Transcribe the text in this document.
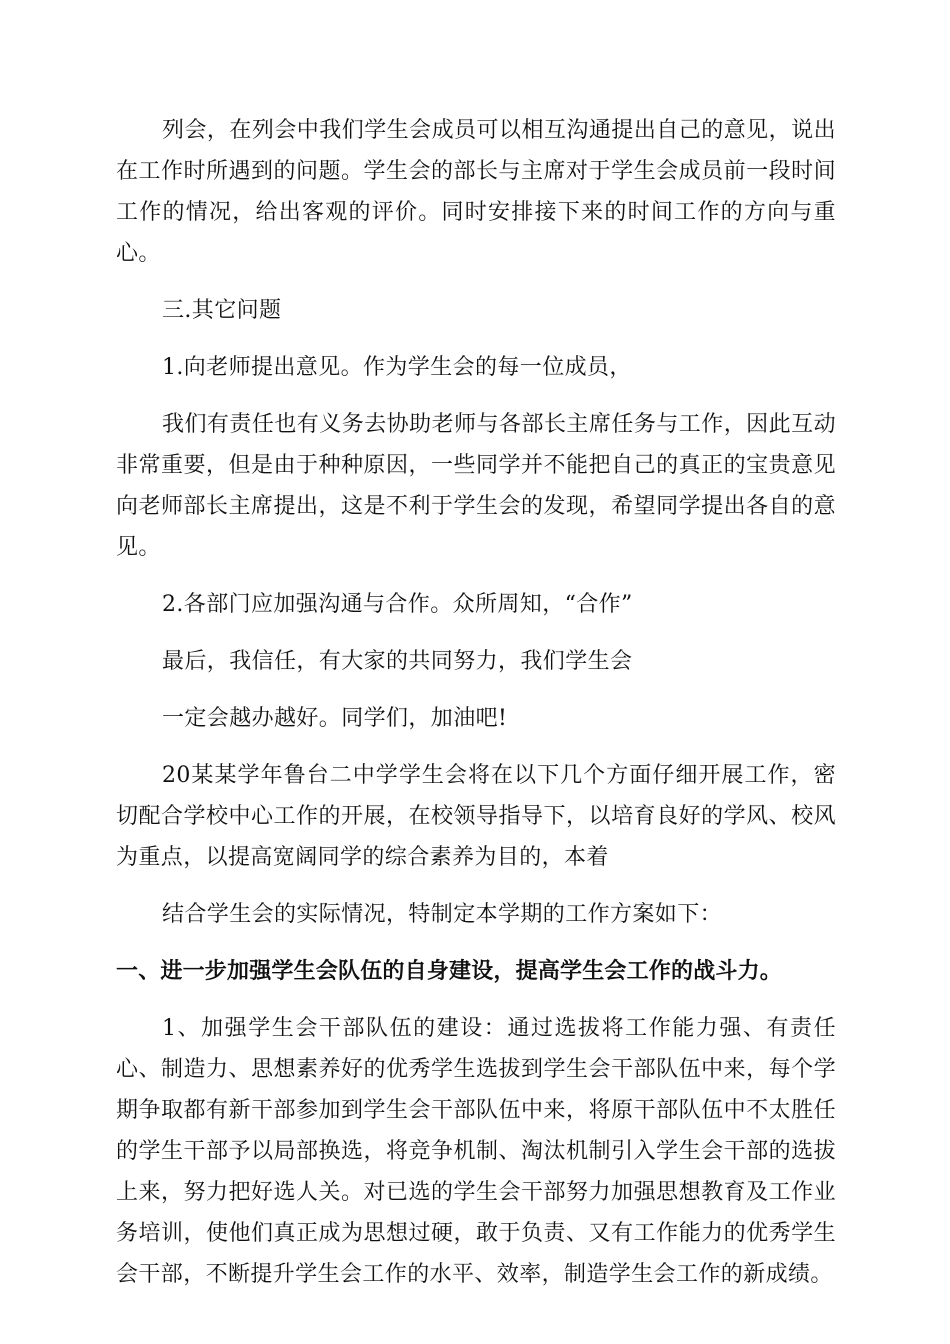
列会，在列会中我们学生会成员可以相互沟通提出自己的意见，说出在工作时所遇到的问题。学生会的部长与主席对于学生会成员前一段时间工作的情况，给出客观的评价。同时安排接下来的时间工作的方向与重心。

三.其它问题

1.向老师提出意见。作为学生会的每一位成员，

我们有责任也有义务去协助老师与各部长主席任务与工作，因此互动非常重要，但是由于种种原因，一些同学并不能把自己的真正的宝贵意见向老师部长主席提出，这是不利于学生会的发现，希望同学提出各自的意见。

2.各部门应加强沟通与合作。众所周知，“合作”

最后，我信任，有大家的共同努力，我们学生会

一定会越办越好。同学们，加油吧!

20某某学年鲁台二中学学生会将在以下几个方面仔细开展工作，密切配合学校中心工作的开展，在校领导指导下，以培育良好的学风、校风为重点，以提高宽阔同学的综合素养为目的，本着

结合学生会的实际情况，特制定本学期的工作方案如下：

一、进一步加强学生会队伍的自身建设，提高学生会工作的战斗力。

1、加强学生会干部队伍的建设：通过选拔将工作能力强、有责任心、制造力、思想素养好的优秀学生选拔到学生会干部队伍中来，每个学期争取都有新干部参加到学生会干部队伍中来，将原干部队伍中不太胜任的学生干部予以局部换选，将竞争机制、淘汰机制引入学生会干部的选拔上来，努力把好选人关。对已选的学生会干部努力加强思想教育及工作业务培训，使他们真正成为思想过硬，敢于负责、又有工作能力的优秀学生会干部，不断提升学生会工作的水平、效率，制造学生会工作的新成绩。
